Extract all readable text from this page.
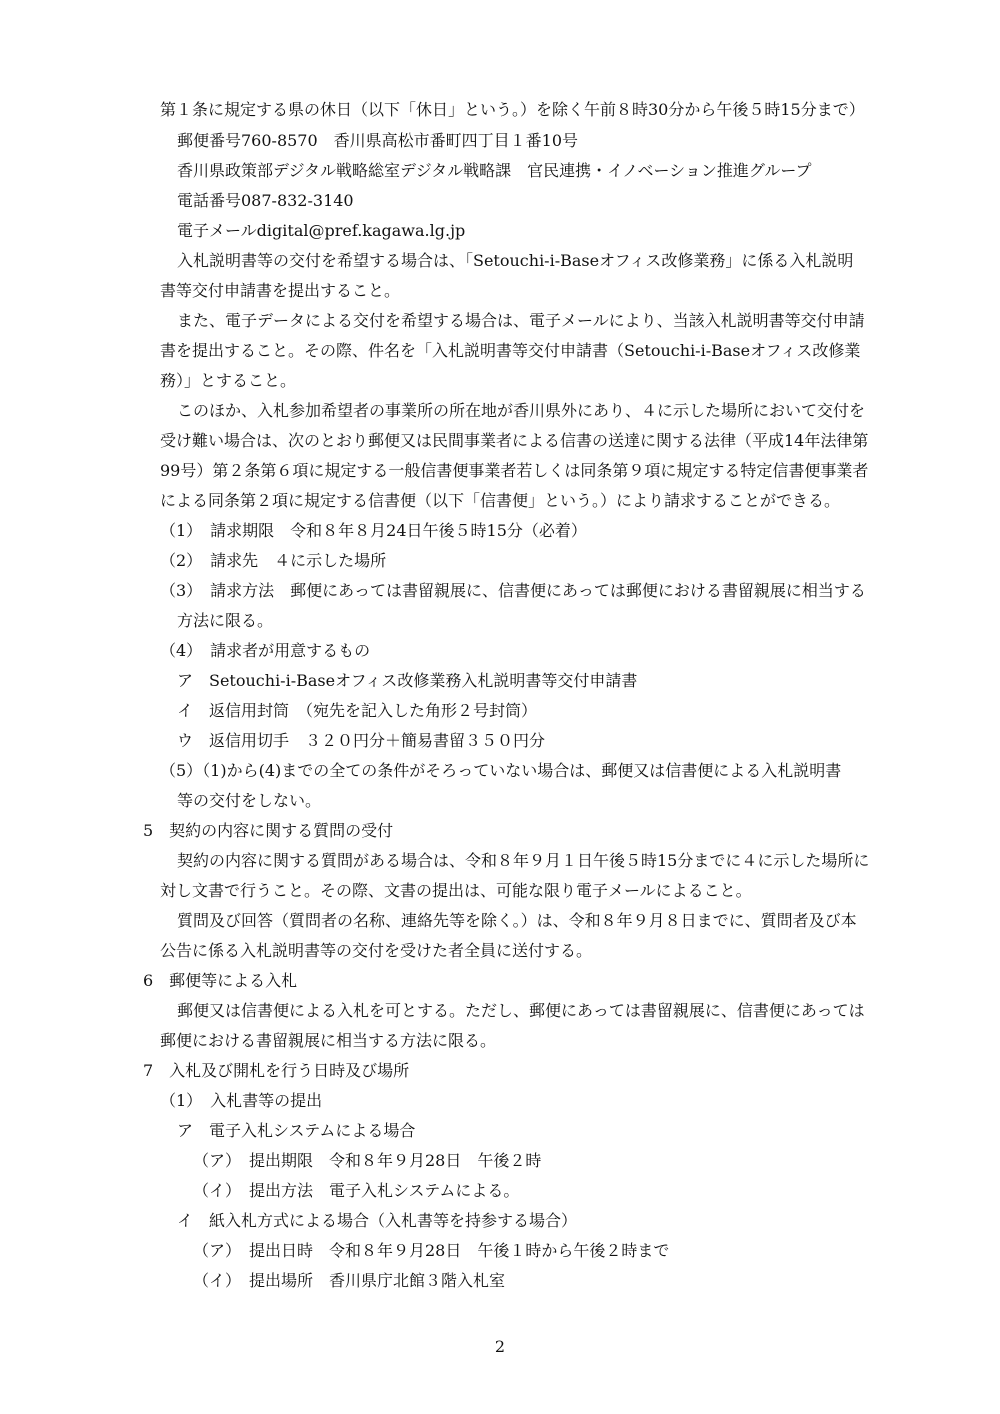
第１条に規定する県の休日（以下「休日」という。）を除く午前８時30分から午後５時15分まで）
郵便番号760-8570　香川県高松市番町四丁目１番10号
香川県政策部デジタル戦略総室デジタル戦略課　官民連携・イノベーション推進グループ
電話番号087-832-3140
電子メールdigital@pref.kagawa.lg.jp
入札説明書等の交付を希望する場合は、「Setouchi-i-Baseオフィス改修業務」に係る入札説明
書等交付申請書を提出すること。
また、電子データによる交付を希望する場合は、電子メールにより、当該入札説明書等交付申請
書を提出すること。その際、件名を「入札説明書等交付申請書（Setouchi-i-Baseオフィス改修業
務）」とすること。
このほか、入札参加希望者の事業所の所在地が香川県外にあり、４に示した場所において交付を
受け難い場合は、次のとおり郵便又は民間事業者による信書の送達に関する法律（平成14年法律第
99号）第２条第６項に規定する一般信書便事業者若しくは同条第９項に規定する特定信書便事業者
による同条第２項に規定する信書便（以下「信書便」という。）により請求することができる。
（1）　請求期限　令和８年８月24日午後５時15分（必着）
（2）　請求先　４に示した場所
（3）　請求方法　郵便にあっては書留親展に、信書便にあっては郵便における書留親展に相当する
方法に限る。
（4）　請求者が用意するもの
ア　Setouchi-i-Baseオフィス改修業務入札説明書等交付申請書
イ　返信用封筒　（宛先を記入した角形２号封筒）
ウ　返信用切手　３２０円分＋簡易書留３５０円分
（5）（1)から(4)までの全ての条件がそろっていない場合は、郵便又は信書便による入札説明書
等の交付をしない。
5　契約の内容に関する質問の受付
契約の内容に関する質問がある場合は、令和８年９月１日午後５時15分までに４に示した場所に
対し文書で行うこと。その際、文書の提出は、可能な限り電子メールによること。
質問及び回答（質問者の名称、連絡先等を除く。）は、令和８年９月８日までに、質問者及び本
公告に係る入札説明書等の交付を受けた者全員に送付する。
6　郵便等による入札
郵便又は信書便による入札を可とする。ただし、郵便にあっては書留親展に、信書便にあっては
郵便における書留親展に相当する方法に限る。
7　入札及び開札を行う日時及び場所
（1）　入札書等の提出
ア　電子入札システムによる場合
（ア）　提出期限　令和８年９月28日　午後２時
（イ）　提出方法　電子入札システムによる。
イ　紙入札方式による場合（入札書等を持参する場合）
（ア）　提出日時　令和８年９月28日　午後１時から午後２時まで
（イ）　提出場所　香川県庁北館３階入札室
2
